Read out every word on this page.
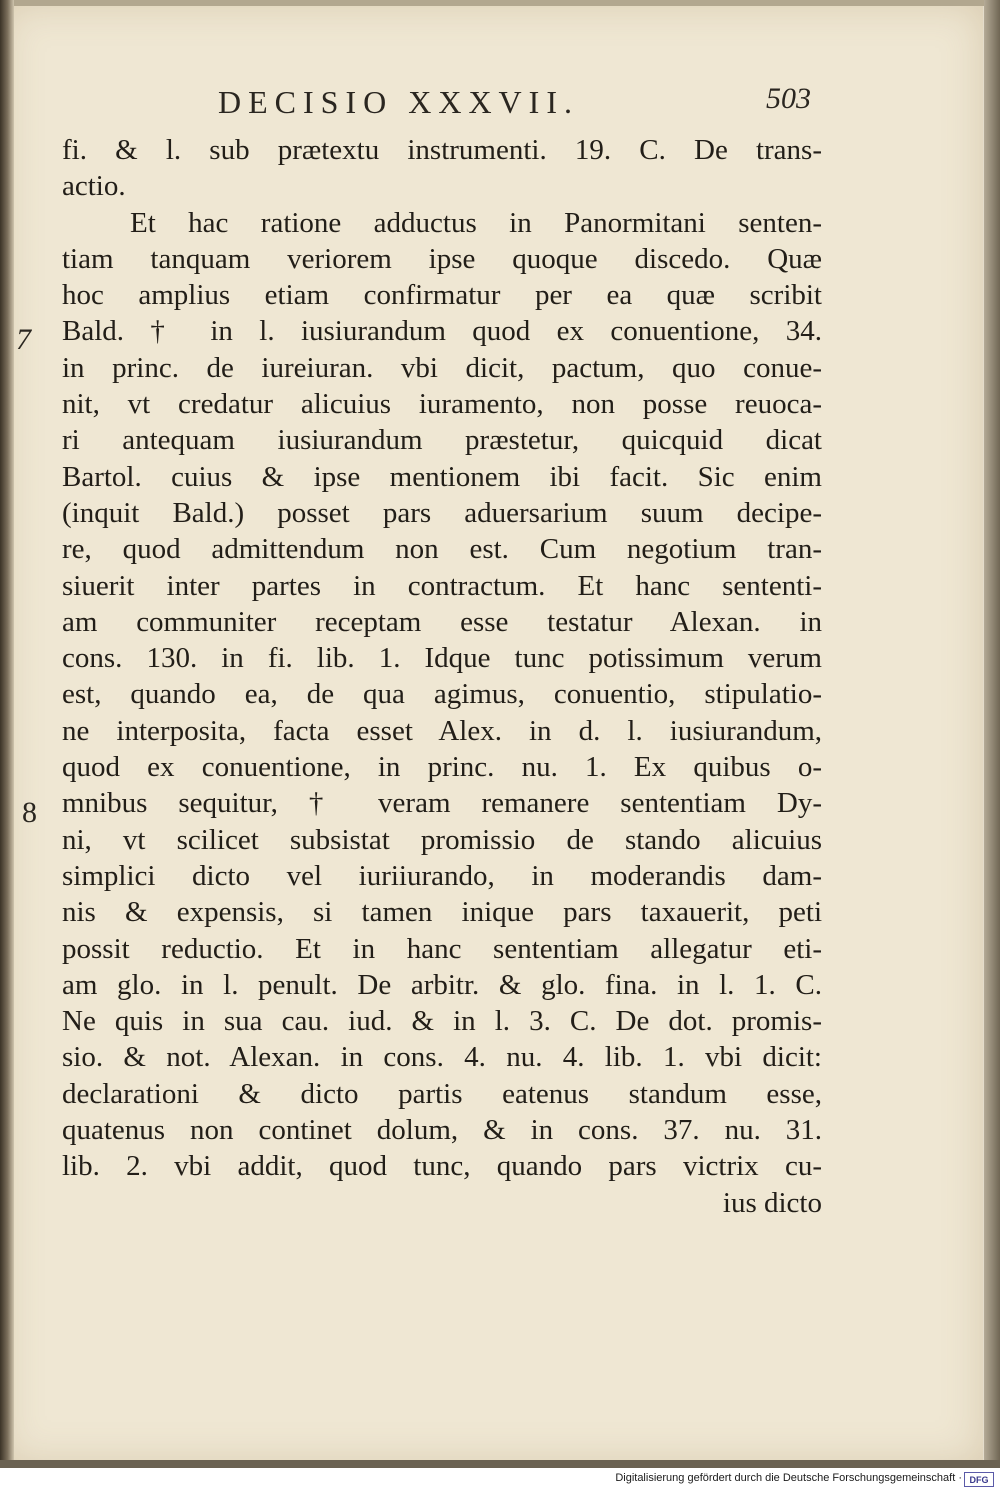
DECISIO XXXVII.	503
7
8
fi. & l. sub prætextu instrumenti. 19. C. De trans-
actio.
Et hac ratione adductus in Panormitani senten-
tiam tanquam veriorem ipse quoque discedo. Quæ
hoc amplius etiam confirmatur per ea quæ scribit
Bald. † in l. iusiurandum quod ex conuentione, 34.
in princ. de iureiuran. vbi dicit, pactum, quo conue-
nit, vt credatur alicuius iuramento, non posse reuoca-
ri antequam iusiurandum præstetur, quicquid dicat
Bartol. cuius & ipse mentionem ibi facit. Sic enim
(inquit Bald.) posset pars aduersarium suum decipe-
re, quod admittendum non est. Cum negotium tran-
siuerit inter partes in contractum. Et hanc sententi-
am communiter receptam esse testatur Alexan. in
cons. 130. in fi. lib. 1. Idque tunc potissimum verum
est, quando ea, de qua agimus, conuentio, stipulatio-
ne interposita, facta esset Alex. in d. l. iusiurandum,
quod ex conuentione, in princ. nu. 1. Ex quibus o-
mnibus sequitur, † veram remanere sententiam Dy-
ni, vt scilicet subsistat promissio de stando alicuius
simplici dicto vel iuriiurando, in moderandis dam-
nis & expensis, si tamen inique pars taxauerit, peti
possit reductio. Et in hanc sententiam allegatur eti-
am glo. in l. penult. De arbitr. & glo. fina. in l. 1. C.
Ne quis in sua cau. iud. & in l. 3. C. De dot. promis-
sio. & not. Alexan. in cons. 4. nu. 4. lib. 1. vbi dicit:
declarationi & dicto partis eatenus standum esse,
quatenus non continet dolum, & in cons. 37. nu. 31.
lib. 2. vbi addit, quod tunc, quando pars victrix cu-
ius dicto
Digitalisierung gefördert durch die Deutsche Forschungsgemeinschaft · DFG
